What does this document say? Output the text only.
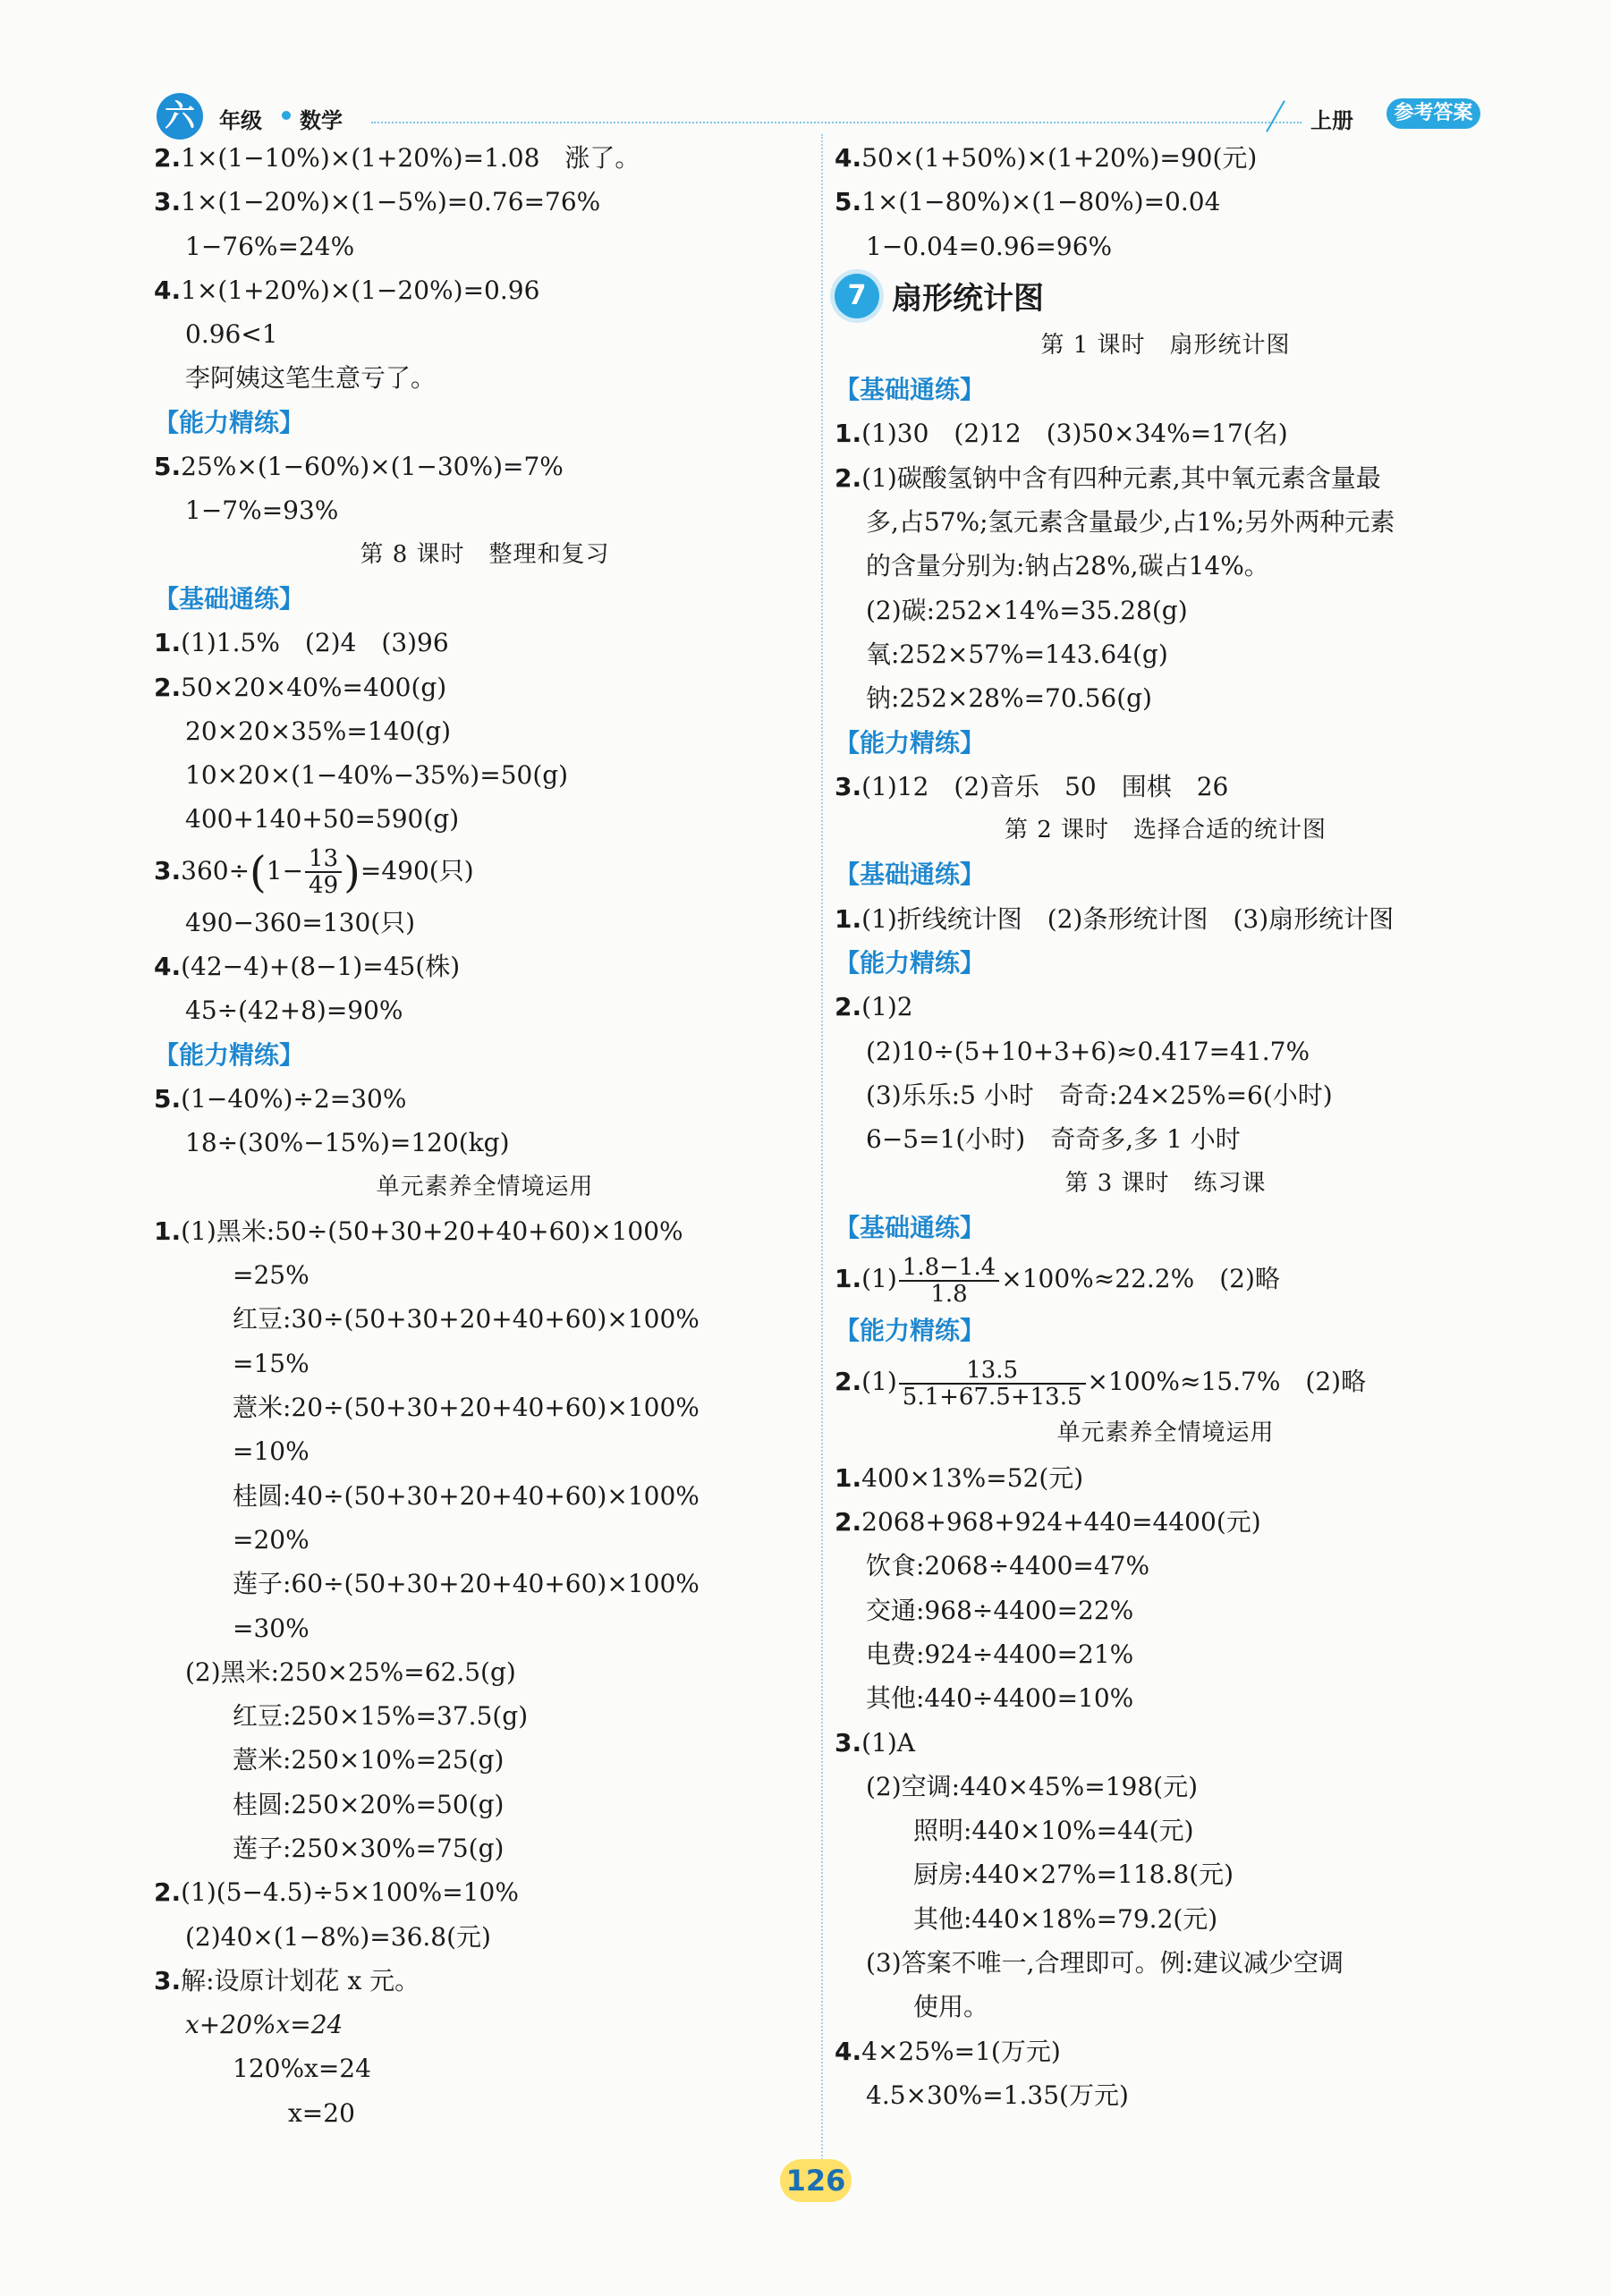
六	年级 数学	上册	参考答案
2.1×(1−10%)×(1+20%)=1.08　涨了。
3.1×(1−20%)×(1−5%)=0.76=76%
1−76%=24%
4.1×(1+20%)×(1−20%)=0.96
0.96<1
李阿姨这笔生意亏了。
【能力精练】
5.25%×(1−60%)×(1−30%)=7%
1−7%=93%
第 8 课时　整理和复习
【基础通练】
1.(1)1.5%　(2)4　(3)96
2.50×20×40%=400(g)
20×20×35%=140(g)
10×20×(1−40%−35%)=50(g)
400+140+50=590(g)
$3.360\div(1- \frac{13}{49} )=490$(只)
490−360=130(只)
4.(42−4)+(8−1)=45(株)
45÷(42+8)=90%
【能力精练】
5.(1−40%)÷2=30%
18÷(30%−15%)=120(kg)
单元素养全情境运用
1.(1)黑米:50÷(50+30+20+40+60)×100%
=25%
红豆:30÷(50+30+20+40+60)×100%
=15%
薏米:20÷(50+30+20+40+60)×100%
=10%
桂圆:40÷(50+30+20+40+60)×100%
=20%
莲子:60÷(50+30+20+40+60)×100%
=30%
(2)黑米:250×25%=62.5(g)
红豆:250×15%=37.5(g)
薏米:250×10%=25(g)
桂圆:250×20%=50(g)
莲子:250×30%=75(g)
2.(1)(5−4.5)÷5×100%=10%
(2)40×(1−8%)=36.8(元)
3.解:设原计划花 x 元。
x+20%x=24
120%x=24
x=20
4.50×(1+50%)×(1+20%)=90(元)
5.1×(1−80%)×(1−80%)=0.04
1−0.04=0.96=96%
7 扇形统计图
第 1 课时　扇形统计图
【基础通练】
1.(1)30　(2)12　(3)50×34%=17(名)
2.(1)碳酸氢钠中含有四种元素,其中氧元素含量最
多,占57%;氢元素含量最少,占1%;另外两种元素
的含量分别为:钠占28%,碳占14%。
(2)碳:252×14%=35.28(g)
氧:252×57%=143.64(g)
钠:252×28%=70.56(g)
【能力精练】
3.(1)12　(2)音乐　50　围棋　26
第 2 课时　选择合适的统计图
【基础通练】
1.(1)折线统计图　(2)条形统计图　(3)扇形统计图
【能力精练】
2.(1)2
(2)10÷(5+10+3+6)≈0.417=41.7%
(3)乐乐:5 小时　奇奇:24×25%=6(小时)
6−5=1(小时)　奇奇多,多 1 小时
第 3 课时　练习课
【基础通练】
$1.(1) \frac{1.8-1.4}{1.8} \times 100\%\approx 22.2\%$　(2)略
【能力精练】
$2.(1) \frac{13.5}{5.1+67.5+13.5} \times 100\%\approx 15.7\%$　(2)略
单元素养全情境运用
1.400×13%=52(元)
2.2068+968+924+440=4400(元)
饮食:2068÷4400=47%
交通:968÷4400=22%
电费:924÷4400=21%
其他:440÷4400=10%
3.(1)A
(2)空调:440×45%=198(元)
照明:440×10%=44(元)
厨房:440×27%=118.8(元)
其他:440×18%=79.2(元)
(3)答案不唯一,合理即可。例:建议减少空调
使用。
4.4×25%=1(万元)
4.5×30%=1.35(万元)
126
